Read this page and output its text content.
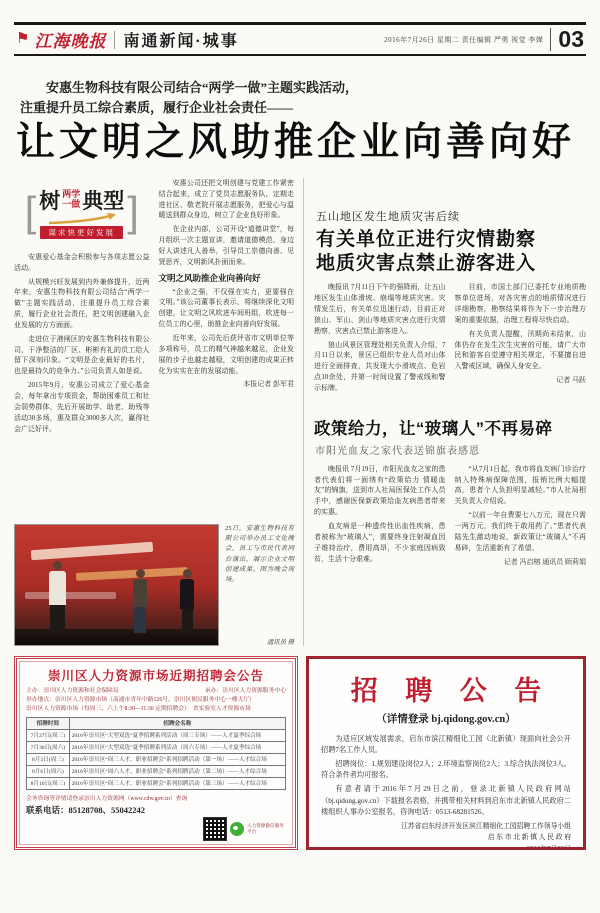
⚑ 江海晚报 南通新闻·城事	2016年7月26日 星期二 责任编辑 严勇 视觉 李婵 03
安惠生物科技有限公司结合“两学一做”主题实践活动，
注重提升员工综合素质，履行企业社会责任——
让文明之风助推企业向善向好
[ 树 两学
一做 典型
谋求快更好发展 ]

安惠爱心基金会积极参与各项志愿公益活动。

从规模兴旺发展到内外兼修提升，近两年来，安惠生物科技有限公司结合“两学一做”主题实践活动，注重提升员工综合素质，履行企业社会责任，把文明创建融入企业发展的方方面面。

走进位于港闸区的安惠生物科技有限公司，干净整洁的厂区、彬彬有礼的员工给人留下深刻印象。“文明是企业最好的名片，也是最持久的竞争力。”公司负责人如是说。

2015年9月，安惠公司成立了爱心基金会，每年拿出专项资金，帮助困难员工和社会弱势群体，先后开展助学、助老、助残等活动30多场，惠及群众3000多人次，赢得社会广泛好评。

安惠公司还把文明创建与党建工作紧密结合起来，成立了党员志愿服务队，定期走进社区、敬老院开展志愿服务，把爱心与温暖送到群众身边，树立了企业良好形象。

在企业内部，公司开设“道德讲堂”，每月组织一次主题宣讲，邀请道德模范、身边好人讲述凡人善举，引导员工崇德向善、见贤思齐，文明新风扑面而来。

文明之风助推企业向善向好

“企业之强，不仅强在实力，更要强在文明。”该公司董事长表示，将继续深化文明创建，让文明之风吹进车间班组，吹进每一位员工的心里，助推企业向善向好发展。

近年来，公司先后获评省市文明单位等多项称号，员工的精气神越来越足，企业发展的步子也越走越稳，文明创建的成果正转化为实实在在的发展动能。

本报记者 彭军君
25日，安惠生物科技有限公司举办员工文化晚会，员工与市民代表同台演出，展示企业文明创建成果。图为晚会现场。
通讯员 摄
五山地区发生地质灾害后续
有关单位正进行灾情勘察
地质灾害点禁止游客进入

晚报讯 7月11日下午的强降雨，让五山地区发生山体滑坡、崩塌等地质灾害。灾情发生后，有关单位迅速行动，目前正对狼山、军山、剑山等地质灾害点进行灾情勘察，灾害点已禁止游客进入。

狼山风景区管理处相关负责人介绍，7月11日以来，景区已组织专业人员对山体进行全面排查，共发现大小滑坡点、危岩点10余处，并第一时间设置了警戒线和警示标牌。

目前，市国土部门已委托专业地质勘察单位进场，对各灾害点的地质情况进行详细勘察，勘察结果将作为下一步治理方案的重要依据，治理工程将尽快启动。

有关负责人提醒，汛期尚未结束，山体仍存在发生次生灾害的可能，请广大市民和游客自觉遵守相关规定，不要擅自进入警戒区域，确保人身安全。

记者 马跃
政策给力，让“玻璃人”不再易碎
市阳光血友之家代表送锦旗表感恩

晚报讯 7月19日，市阳光血友之家的患者代表们将一面绣有“政策给力 情暖血友”的锦旗，送到市人社局医保处工作人员手中，感谢医保新政策给血友病患者带来的实惠。

血友病是一种遗传性出血性疾病，患者被称为“玻璃人”，需要终身注射凝血因子维持治疗，费用高昂，不少家庭因病致贫，生活十分艰难。

“从7月1日起，我市将血友病门诊治疗纳入特殊病保障范围，报销比例大幅提高，患者个人负担明显减轻。”市人社局相关负责人介绍说。

“以前一年自费要七八万元，现在只需一两万元，我们终于敢用药了。”患者代表陆先生激动地说，新政策让“玻璃人”不再易碎，生活重新有了希望。

记者 冯启榕 通讯员 顾莉娟
崇川区人力资源市场近期招聘会公告
主办：崇川区人力资源和社会保障局	承办：崇川区人力资源服务中心
举办地点：崇川区人力资源市场（南通市青年中路126号，崇川区便民服务中心一楼大厅）
崇川区人力资源市场（每周三、六上午8:30—11:30 定期招聘会）　省实验室人才资源市场
招聘时间	招聘会名称
7月27日(周三)	2016年崇川区“大型双选”夏季招聘系列活动（周三专场）——人才夏季综合场
7月30日(周六)	2016年崇川区“大型双选”夏季招聘系列活动（周六专场）——人才夏季综合场
8月3日(周三)	2016年崇川区“周三人才、职业招聘会”系列招聘活动（第一场）——人才综合场
8月6日(周六)	2016年崇川区“周六人才、职业招聘会”系列招聘活动（第二场）——人才综合场
8月10日(周三)	2016年崇川区“周三人才、职业招聘会”系列招聘活动（第三场）——人才综合场
会务咨询等详情请登录崇川人力资源网（www.cdw.gov.cn）查询
联系电话：85128708、55042242
人力资源微信服务平台
招 聘 公 告
（详情登录 bj.qidong.gov.cn）

为适应区域发展需求，启东市滨江精细化工园（北新镇）现面向社会公开招聘7名工作人员。

招聘岗位：1.规划建设岗位2人；2.环境监察岗位2人；3.综合执法岗位3人。符合条件者均可报名。

有意者请于2016年7月29日之前，登录北新镇人民政府网站（bj.qidong.gov.cn）下载报名表格，并携带相关材料到启东市北新镇人民政府二楼组织人事办公室报名，咨询电话：0513-68281526。

江苏省启东经济开发区滨江精细化工园招聘工作领导小组
启 东 市 北 新 镇 人 民 政 府
2016年7月26日
